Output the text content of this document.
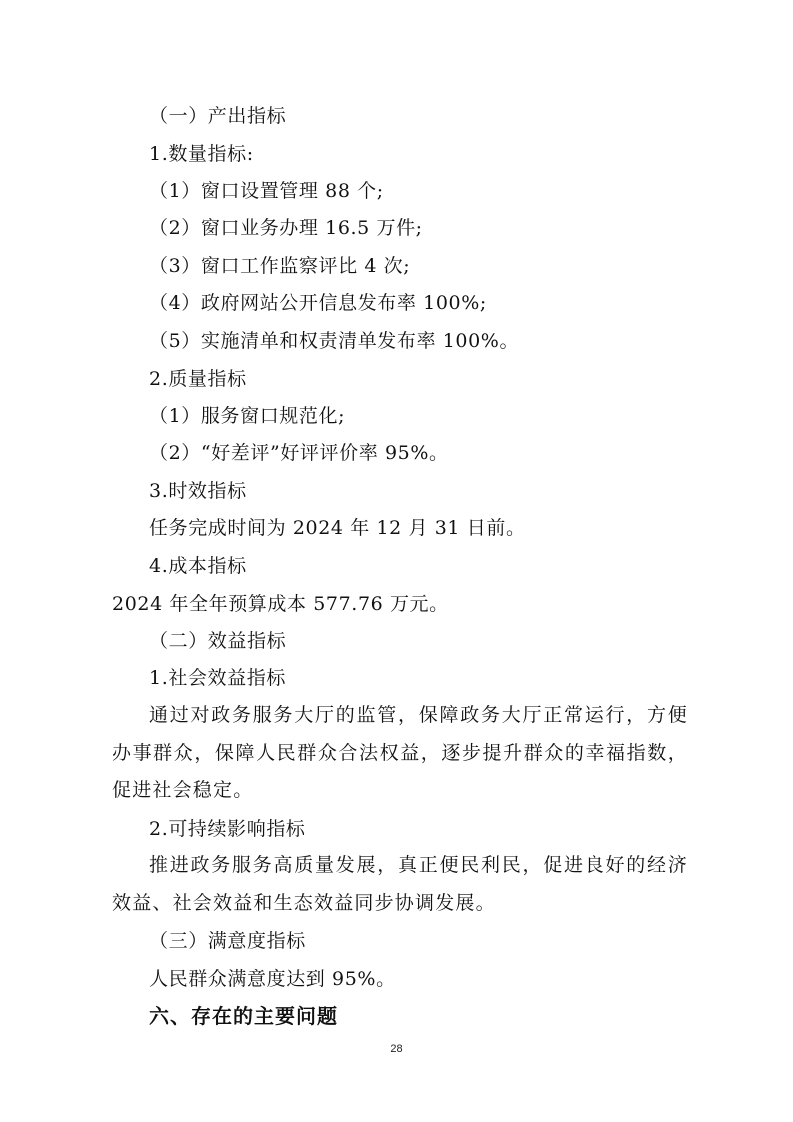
（一）产出指标
1.数量指标:
（1）窗口设置管理 88 个;
（2）窗口业务办理 16.5 万件;
（3）窗口工作监察评比 4 次;
（4）政府网站公开信息发布率 100%;
（5）实施清单和权责清单发布率 100%。
2.质量指标
（1）服务窗口规范化;
（2）“好差评”好评评价率 95%。
3.时效指标
任务完成时间为 2024 年 12 月 31 日前。
4.成本指标
2024 年全年预算成本 577.76 万元。
（二）效益指标
1.社会效益指标

通过对政务服务大厅的监管，保障政务大厅正常运行，方便办事群众，保障人民群众合法权益，逐步提升群众的幸福指数，促进社会稳定。

2.可持续影响指标

推进政务服务高质量发展，真正便民利民，促进良好的经济效益、社会效益和生态效益同步协调发展。

（三）满意度指标
人民群众满意度达到 95%。
六、存在的主要问题
28
